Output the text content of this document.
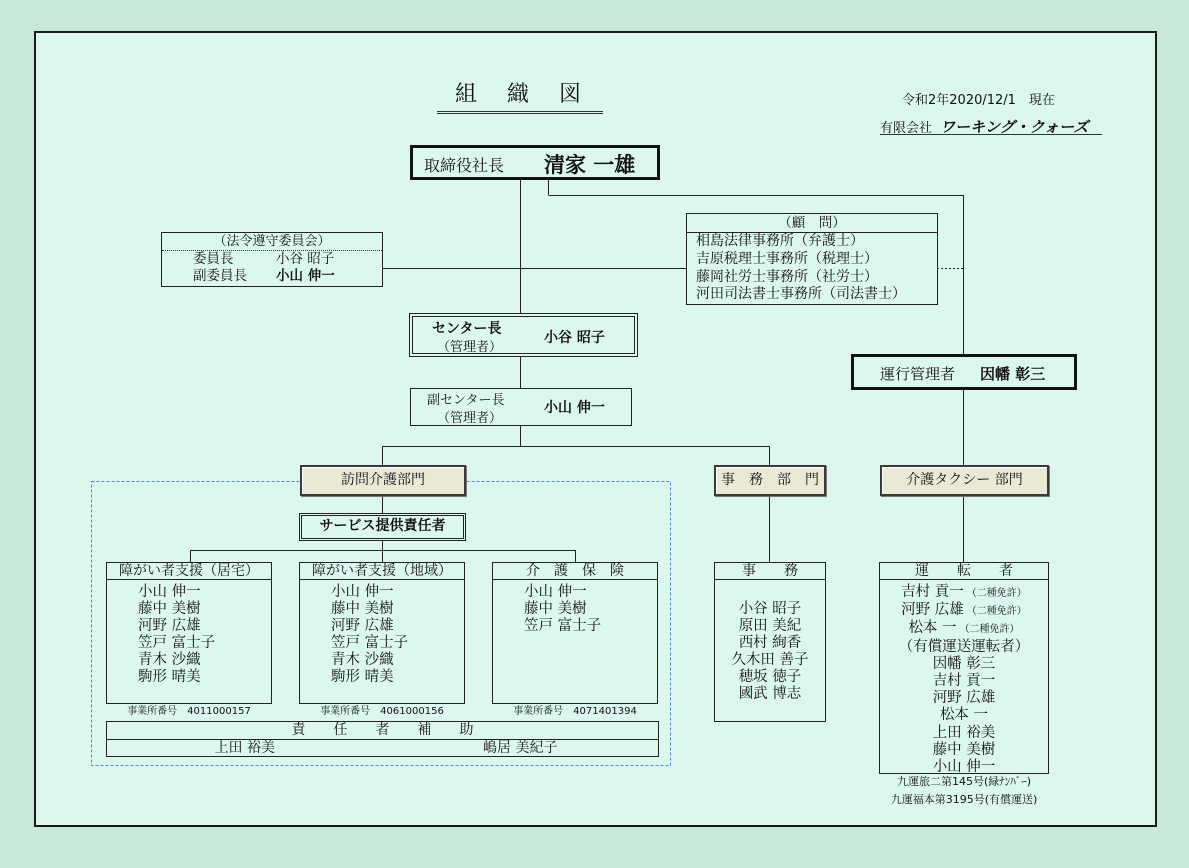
組　織　図	令和2年2020/12/1　現在
有限会社 ワーキング・クォーズ
取締役社長 清家 一雄
（法令遵守委員会）
委員長	小谷 昭子
副委員長 小山 伸一
（顧　問）
相島法律事務所（弁護士）
吉原税理士事務所（税理士）
藤岡社労士事務所（社労士）
河田司法書士事務所（司法書士）
センター長
（管理者）
小谷 昭子
副センター長
（管理者）
小山 伸一
運行管理者 因幡 彰三
訪問介護部門	事　務　部　門	介護タクシー 部門
サービス提供責任者
障がい者支援（居宅）
小山 伸一
藤中 美樹
河野 広雄
笠戸 富士子
青木 沙織
駒形 晴美
事業所番号　4011000157
障がい者支援（地域）
小山 伸一
藤中 美樹
河野 広雄
笠戸 富士子
青木 沙織
駒形 晴美
事業所番号　4061000156
介　護　保　険
小山 伸一
藤中 美樹
笠戸 富士子
事業所番号　4071401394
責　　任　　者　　補　　助
上田 裕美	嶋居 美紀子
事　　務
小谷 昭子
原田 美紀
西村 絢香
久木田 善子
穂坂 徳子
國武 博志
運　　転　　者
吉村 貢一 （二種免許）
河野 広雄 （二種免許）
松本 一 （二種免許）
（有償運送運転者）
因幡 彰三
吉村 貢一
河野 広雄
松本 一
上田 裕美
藤中 美樹
小山 伸一
九運旅二第145号(緑ﾅﾝﾊﾞｰ)
九運福本第3195号(有償運送)
